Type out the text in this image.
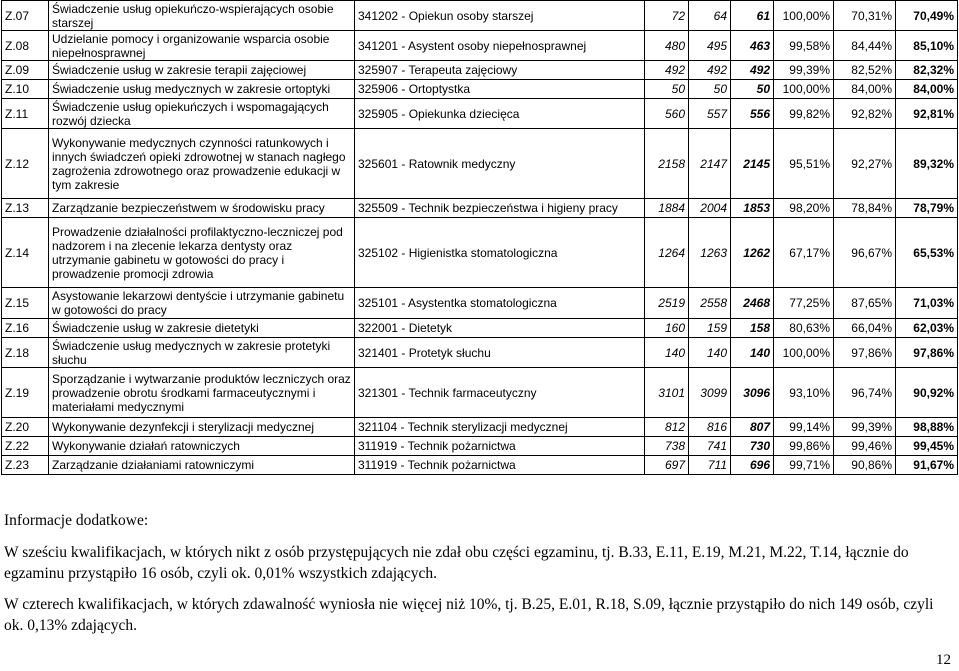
Z.07	Świadczenie usług opiekuńczo-wspierających osobie starszej	341202 - Opiekun osoby starszej	72	64	61	100,00%	70,31%	70,49%
Z.08	Udzielanie pomocy i organizowanie wsparcia osobie niepełnosprawnej	341201 - Asystent osoby niepełnosprawnej	480	495	463	99,58%	84,44%	85,10%
Z.09	Świadczenie usług w zakresie terapii zajęciowej	325907 - Terapeuta zajęciowy	492	492	492	99,39%	82,52%	82,32%
Z.10	Świadczenie usług medycznych w zakresie ortoptyki	325906 - Ortoptystka	50	50	50	100,00%	84,00%	84,00%
Z.11	Świadczenie usług opiekuńczych i wspomagających rozwój dziecka	325905 - Opiekunka dziecięca	560	557	556	99,82%	92,82%	92,81%
Z.12	Wykonywanie medycznych czynności ratunkowych i innych świadczeń opieki zdrowotnej w stanach nagłego zagrożenia zdrowotnego oraz prowadzenie edukacji w tym zakresie	325601 - Ratownik medyczny	2158	2147	2145	95,51%	92,27%	89,32%
Z.13	Zarządzanie bezpieczeństwem w środowisku pracy	325509 - Technik bezpieczeństwa i higieny pracy	1884	2004	1853	98,20%	78,84%	78,79%
Z.14	Prowadzenie działalności profilaktyczno-leczniczej pod nadzorem i na zlecenie lekarza dentysty oraz utrzymanie gabinetu w gotowości do pracy i prowadzenie promocji zdrowia	325102 - Higienistka stomatologiczna	1264	1263	1262	67,17%	96,67%	65,53%
Z.15	Asystowanie lekarzowi dentyście i utrzymanie gabinetu w gotowości do pracy	325101 - Asystentka stomatologiczna	2519	2558	2468	77,25%	87,65%	71,03%
Z.16	Świadczenie usług w zakresie dietetyki	322001 - Dietetyk	160	159	158	80,63%	66,04%	62,03%
Z.18	Świadczenie usług medycznych w zakresie protetyki słuchu	321401 - Protetyk słuchu	140	140	140	100,00%	97,86%	97,86%
Z.19	Sporządzanie i wytwarzanie produktów leczniczych oraz prowadzenie obrotu środkami farmaceutycznymi i materiałami medycznymi	321301 - Technik farmaceutyczny	3101	3099	3096	93,10%	96,74%	90,92%
Z.20	Wykonywanie dezynfekcji i sterylizacji medycznej	321104 - Technik sterylizacji medycznej	812	816	807	99,14%	99,39%	98,88%
Z.22	Wykonywanie działań ratowniczych	311919 - Technik pożarnictwa	738	741	730	99,86%	99,46%	99,45%
Z.23	Zarządzanie działaniami ratowniczymi	311919 - Technik pożarnictwa	697	711	696	99,71%	90,86%	91,67%
Informacje dodatkowe:
W sześciu kwalifikacjach, w których nikt z osób przystępujących nie zdał obu części egzaminu, tj. B.33, E.11, E.19, M.21, M.22, T.14, łącznie do egzaminu przystąpiło 16 osób, czyli ok. 0,01% wszystkich zdających.
W czterech kwalifikacjach, w których zdawalność wyniosła nie więcej niż 10%, tj. B.25, E.01, R.18, S.09, łącznie przystąpiło do nich 149 osób, czyli ok. 0,13% zdających.
12
